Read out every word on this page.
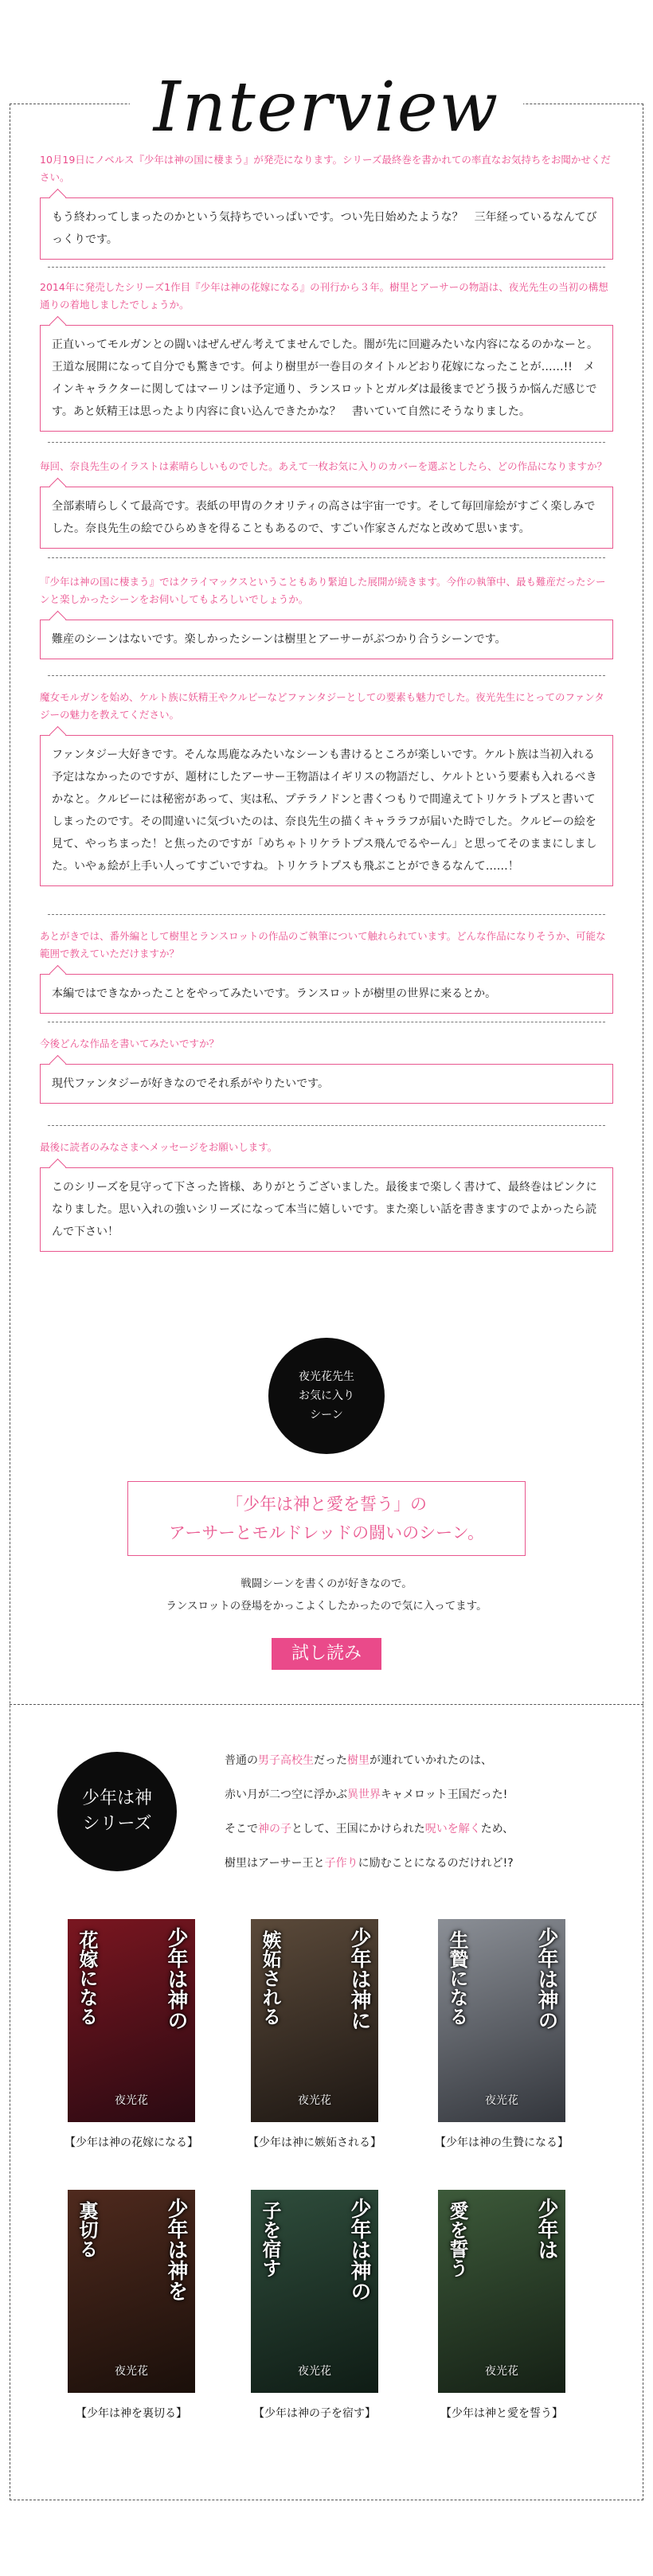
Interview
10月19日にノベルス『少年は神の国に棲まう』が発売になります。シリーズ最終巻を書かれての率直なお気持ちをお聞かせください。
もう終わってしまったのかという気持ちでいっぱいです。つい先日始めたような？　三年経っているなんてびっくりです。
2014年に発売したシリーズ1作目『少年は神の花嫁になる』の刊行から３年。樹里とアーサーの物語は、夜光先生の当初の構想通りの着地しましたでしょうか。
正直いってモルガンとの闘いはぜんぜん考えてませんでした。闇が先に回避みたいな内容になるのかなーと。王道な展開になって自分でも驚きです。何より樹里が一巻目のタイトルどおり花嫁になったことが……!!　メインキャラクターに関してはマーリンは予定通り、ランスロットとガルダは最後までどう扱うか悩んだ感じです。あと妖精王は思ったより内容に食い込んできたかな？　書いていて自然にそうなりました。
毎回、奈良先生のイラストは素晴らしいものでした。あえて一枚お気に入りのカバーを選ぶとしたら、どの作品になりますか？
全部素晴らしくて最高です。表紙の甲冑のクオリティの高さは宇宙一です。そして毎回扉絵がすごく楽しみでした。奈良先生の絵でひらめきを得ることもあるので、すごい作家さんだなと改めて思います。
『少年は神の国に棲まう』ではクライマックスということもあり緊迫した展開が続きます。今作の執筆中、最も難産だったシーンと楽しかったシーンをお伺いしてもよろしいでしょうか。
難産のシーンはないです。楽しかったシーンは樹里とアーサーがぶつかり合うシーンです。
魔女モルガンを始め、ケルト族に妖精王やクルビーなどファンタジーとしての要素も魅力でした。夜光先生にとってのファンタジーの魅力を教えてください。
ファンタジー大好きです。そんな馬鹿なみたいなシーンも書けるところが楽しいです。ケルト族は当初入れる予定はなかったのですが、題材にしたアーサー王物語はイギリスの物語だし、ケルトという要素も入れるべきかなと。クルビーには秘密があって、実は私、プテラノドンと書くつもりで間違えてトリケラトプスと書いてしまったのです。その間違いに気づいたのは、奈良先生の描くキャララフが届いた時でした。クルビーの絵を見て、やっちまった！と焦ったのですが「めちゃトリケラトプス飛んでるやーん」と思ってそのままにしました。いやぁ絵が上手い人ってすごいですね。トリケラトプスも飛ぶことができるなんて……！
あとがきでは、番外編として樹里とランスロットの作品のご執筆について触れられています。どんな作品になりそうか、可能な範囲で教えていただけますか？
本編ではできなかったことをやってみたいです。ランスロットが樹里の世界に来るとか。
今後どんな作品を書いてみたいですか？
現代ファンタジーが好きなのでそれ系がやりたいです。
最後に読者のみなさまへメッセージをお願いします。
このシリーズを見守って下さった皆様、ありがとうございました。最後まで楽しく書けて、最終巻はピンクになりました。思い入れの強いシリーズになって本当に嬉しいです。また楽しい話を書きますのでよかったら読んで下さい！
夜光花先生
お気に入り
シーン
「少年は神と愛を誓う」の
アーサーとモルドレッドの闘いのシーン。
戦闘シーンを書くのが好きなので。
ランスロットの登場をかっこよくしたかったので気に入ってます。
試し読み
少年は神
シリーズ
普通の男子高校生だった樹里が連れていかれたのは、
赤い月が二つ空に浮かぶ異世界キャメロット王国だった!
そこで神の子として、王国にかけられた呪いを解くため、
樹里はアーサー王と子作りに励むことになるのだけれど!?
少年は神の
花嫁になる
夜光花
【少年は神の花嫁になる】
少年は神に
嫉妬される
夜光花
【少年は神に嫉妬される】
少年は神の
生贄になる
夜光花
【少年は神の生贄になる】
少年は神を
裏切る
夜光花
【少年は神を裏切る】
少年は神の
子を宿す
夜光花
【少年は神の子を宿す】
少年は
愛を誓う
夜光花
【少年は神と愛を誓う】
